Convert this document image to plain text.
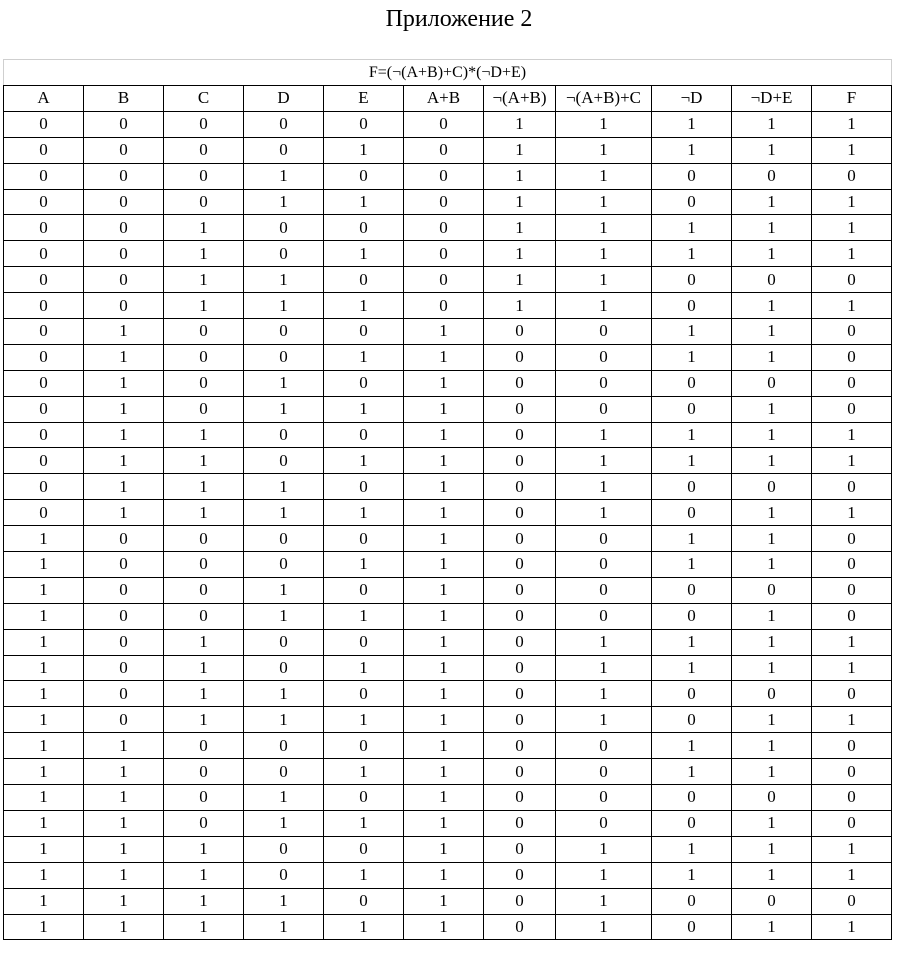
Приложение 2
F=(¬(A+B)+C)*(¬D+E)										
A	B	C	D	E	A+B	¬(A+B)	¬(A+B)+C	¬D	¬D+E	F
0	0	0	0	0	0	1	1	1	1	1
0	0	0	0	1	0	1	1	1	1	1
0	0	0	1	0	0	1	1	0	0	0
0	0	0	1	1	0	1	1	0	1	1
0	0	1	0	0	0	1	1	1	1	1
0	0	1	0	1	0	1	1	1	1	1
0	0	1	1	0	0	1	1	0	0	0
0	0	1	1	1	0	1	1	0	1	1
0	1	0	0	0	1	0	0	1	1	0
0	1	0	0	1	1	0	0	1	1	0
0	1	0	1	0	1	0	0	0	0	0
0	1	0	1	1	1	0	0	0	1	0
0	1	1	0	0	1	0	1	1	1	1
0	1	1	0	1	1	0	1	1	1	1
0	1	1	1	0	1	0	1	0	0	0
0	1	1	1	1	1	0	1	0	1	1
1	0	0	0	0	1	0	0	1	1	0
1	0	0	0	1	1	0	0	1	1	0
1	0	0	1	0	1	0	0	0	0	0
1	0	0	1	1	1	0	0	0	1	0
1	0	1	0	0	1	0	1	1	1	1
1	0	1	0	1	1	0	1	1	1	1
1	0	1	1	0	1	0	1	0	0	0
1	0	1	1	1	1	0	1	0	1	1
1	1	0	0	0	1	0	0	1	1	0
1	1	0	0	1	1	0	0	1	1	0
1	1	0	1	0	1	0	0	0	0	0
1	1	0	1	1	1	0	0	0	1	0
1	1	1	0	0	1	0	1	1	1	1
1	1	1	0	1	1	0	1	1	1	1
1	1	1	1	0	1	0	1	0	0	0
1	1	1	1	1	1	0	1	0	1	1
